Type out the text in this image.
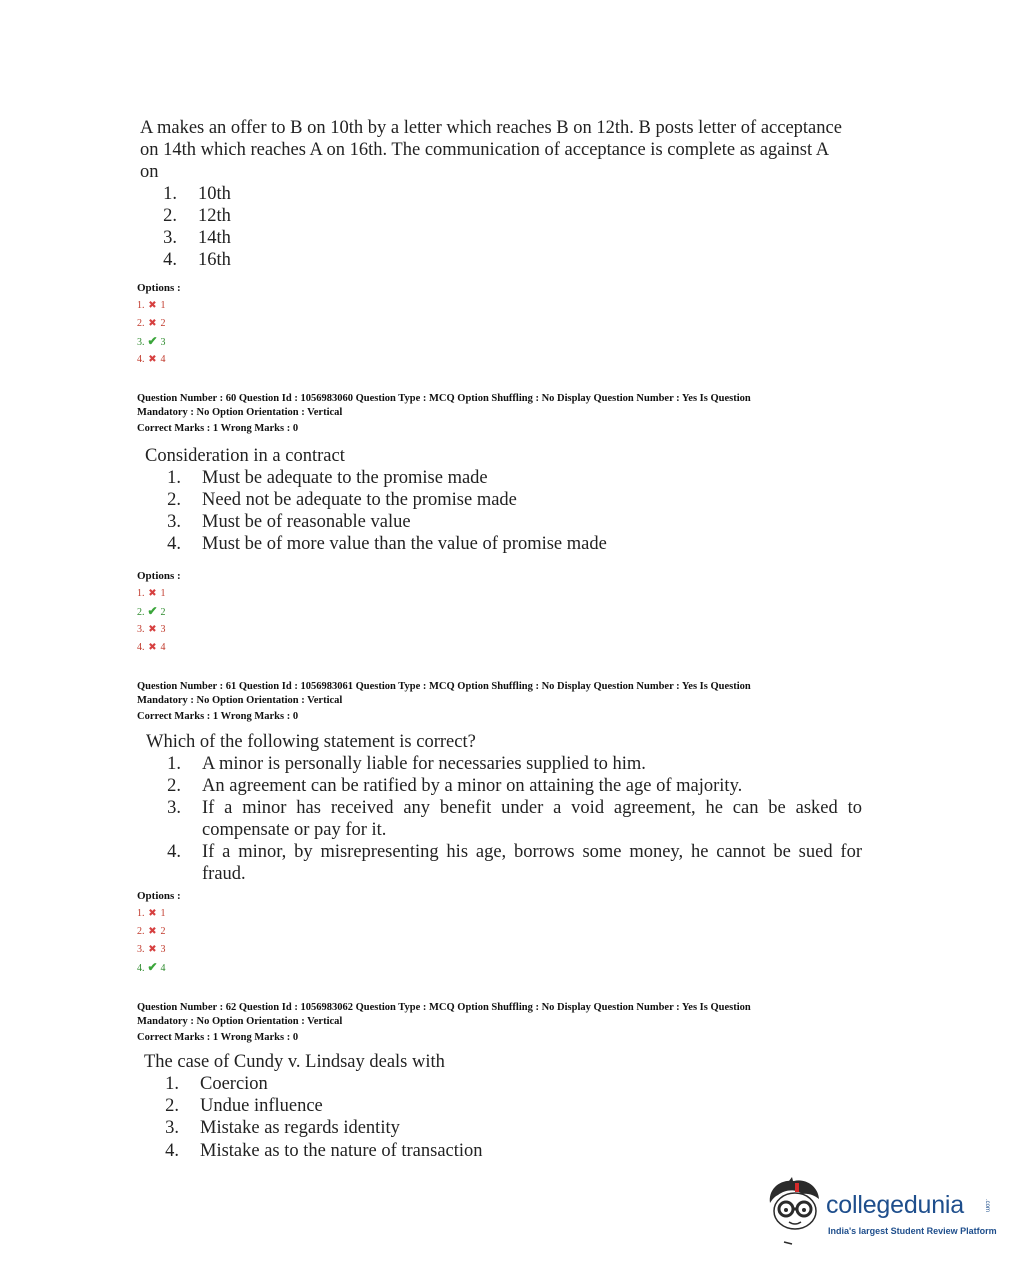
A makes an offer to B on 10th by a letter which reaches B on 12th. B posts letter of acceptance
on 14th which reaches A on 16th. The communication of acceptance is complete as against A
on
1. 10th
2. 12th
3. 14th
4. 16th
Options :
1. ✖ 1
2. ✖ 2
3. ✔ 3
4. ✖ 4
Question Number : 60 Question Id : 1056983060 Question Type : MCQ Option Shuffling : No Display Question Number : Yes Is Question
Mandatory : No Option Orientation : Vertical
Correct Marks : 1 Wrong Marks : 0
Consideration in a contract
1. Must be adequate to the promise made
2. Need not be adequate to the promise made
3. Must be of reasonable value
4. Must be of more value than the value of promise made
Options :
1. ✖ 1
2. ✔ 2
3. ✖ 3
4. ✖ 4
Question Number : 61 Question Id : 1056983061 Question Type : MCQ Option Shuffling : No Display Question Number : Yes Is Question
Mandatory : No Option Orientation : Vertical
Correct Marks : 1 Wrong Marks : 0
Which of the following statement is correct?
1. A minor is personally liable for necessaries supplied to him.
2. An agreement can be ratified by a minor on attaining the age of majority.
3. If a minor has received any benefit under a void agreement, he can be asked to
compensate or pay for it.
4. If a minor, by misrepresenting his age, borrows some money, he cannot be sued for
fraud.
Options :
1. ✖ 1
2. ✖ 2
3. ✖ 3
4. ✔ 4
Question Number : 62 Question Id : 1056983062 Question Type : MCQ Option Shuffling : No Display Question Number : Yes Is Question
Mandatory : No Option Orientation : Vertical
Correct Marks : 1 Wrong Marks : 0
The case of Cundy v. Lindsay deals with
1. Coercion
2. Undue influence
3. Mistake as regards identity
4. Mistake as to the nature of transaction
collegedunia	.com
India's largest Student Review Platform
